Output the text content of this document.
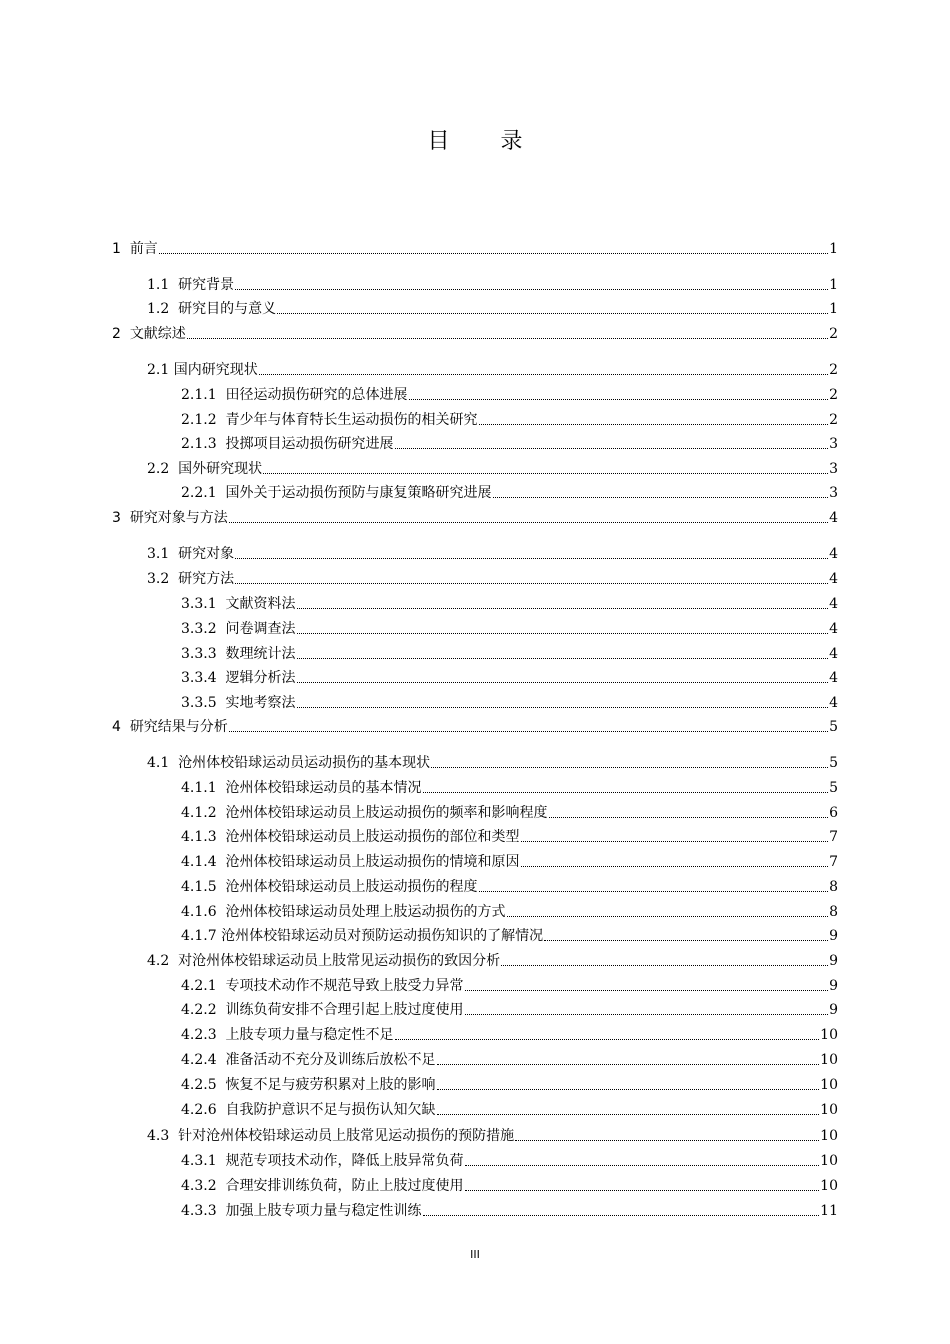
目 录
1 前言	1
1.1 研究背景	1
1.2 研究目的与意义	1
2 文献综述	2
2.1 国内研究现状	2
2.1.1 田径运动损伤研究的总体进展	2
2.1.2 青少年与体育特长生运动损伤的相关研究	2
2.1.3 投掷项目运动损伤研究进展	3
2.2 国外研究现状	3
2.2.1 国外关于运动损伤预防与康复策略研究进展	3
3 研究对象与方法	4
3.1 研究对象	4
3.2 研究方法	4
3.3.1 文献资料法	4
3.3.2 问卷调查法	4
3.3.3 数理统计法	4
3.3.4 逻辑分析法	4
3.3.5 实地考察法	4
4 研究结果与分析	5
4.1 沧州体校铅球运动员运动损伤的基本现状	5
4.1.1 沧州体校铅球运动员的基本情况	5
4.1.2 沧州体校铅球运动员上肢运动损伤的频率和影响程度	6
4.1.3 沧州体校铅球运动员上肢运动损伤的部位和类型	7
4.1.4 沧州体校铅球运动员上肢运动损伤的情境和原因	7
4.1.5 沧州体校铅球运动员上肢运动损伤的程度	8
4.1.6 沧州体校铅球运动员处理上肢运动损伤的方式	8
4.1.7 沧州体校铅球运动员对预防运动损伤知识的了解情况	9
4.2 对沧州体校铅球运动员上肢常见运动损伤的致因分析	9
4.2.1 专项技术动作不规范导致上肢受力异常	9
4.2.2 训练负荷安排不合理引起上肢过度使用	9
4.2.3 上肢专项力量与稳定性不足	10
4.2.4 准备活动不充分及训练后放松不足	10
4.2.5 恢复不足与疲劳积累对上肢的影响	10
4.2.6 自我防护意识不足与损伤认知欠缺	10
4.3 针对沧州体校铅球运动员上肢常见运动损伤的预防措施	10
4.3.1 规范专项技术动作，降低上肢异常负荷	10
4.3.2 合理安排训练负荷，防止上肢过度使用	10
4.3.3 加强上肢专项力量与稳定性训练	11
III
